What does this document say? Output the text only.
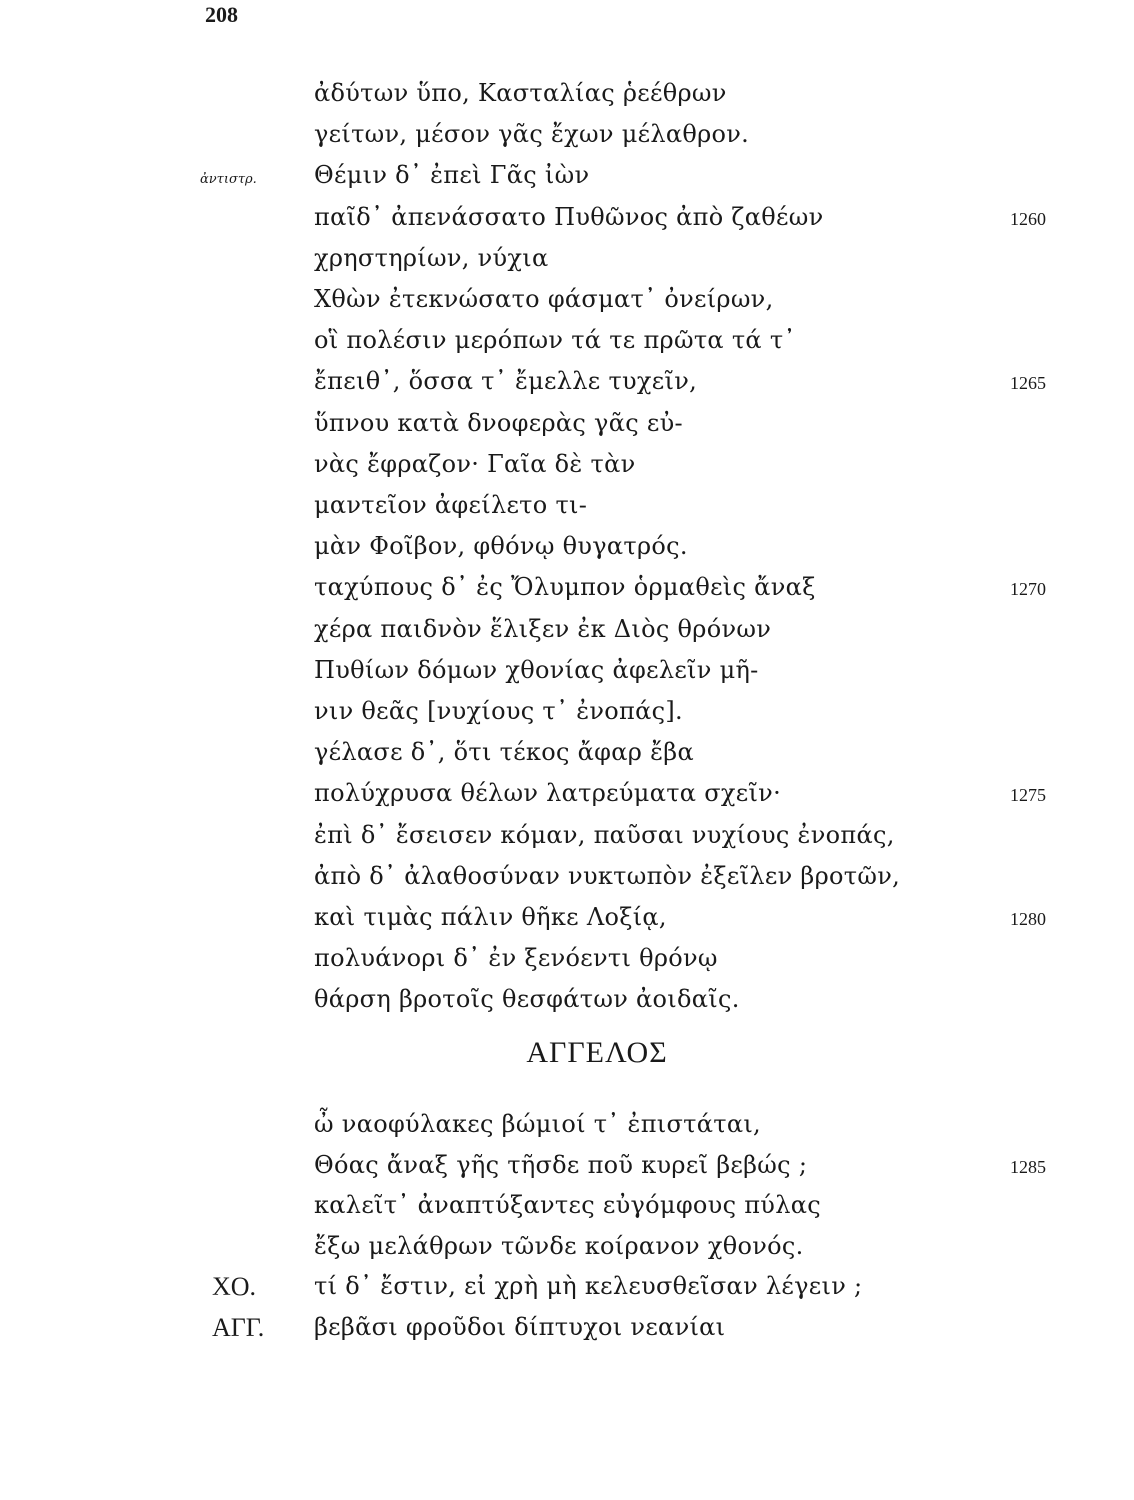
208
ἀδύτων ὕπο, Κασταλίας ῥεέθρων
γείτων, μέσον γᾶς ἔχων μέλαθρον.
ἀντιστρ. Θέμιν δ᾽ ἐπεὶ Γᾶς ἰὼν
παῖδ᾽ ἀπενάσσατο Πυθῶνος ἀπὸ ζαθέων	1260
χρηστηρίων, νύχια
Χθὼν ἐτεκνώσατο φάσματ᾽ ὀνείρων,
οἳ πολέσιν μερόπων τά τε πρῶτα τά τ᾽
ἔπειθ᾽, ὅσσα τ᾽ ἔμελλε τυχεῖν,	1265
ὕπνου κατὰ δνοφερὰς γᾶς εὐ-
νὰς ἔφραζον· Γαῖα δὲ τὰν
μαντεῖον ἀφείλετο τι-
μὰν Φοῖβον, φθόνῳ θυγατρός.
ταχύπους δ᾽ ἐς Ὄλυμπον ὁρμαθεὶς ἄναξ	1270
χέρα παιδνὸν ἕλιξεν ἐκ Διὸς θρόνων
Πυθίων δόμων χθονίας ἀφελεῖν μῆ-
νιν θεᾶς [νυχίους τ᾽ ἐνοπάς].
γέλασε δ᾽, ὅτι τέκος ἄφαρ ἔβα
πολύχρυσα θέλων λατρεύματα σχεῖν·	1275
ἐπὶ δ᾽ ἔσεισεν κόμαν, παῦσαι νυχίους ἐνοπάς,
ἀπὸ δ᾽ ἀλαθοσύναν νυκτωπὸν ἐξεῖλεν βροτῶν,
καὶ τιμὰς πάλιν θῆκε Λοξίᾳ,	1280
πολυάνορι δ᾽ ἐν ξενόεντι θρόνῳ
θάρση βροτοῖς θεσφάτων ἀοιδαῖς.
ΑΓΓΕΛΟΣ
ὦ ναοφύλακες βώμιοί τ᾽ ἐπιστάται,
Θόας ἄναξ γῆς τῆσδε ποῦ κυρεῖ βεβώς ;	1285
καλεῖτ᾽ ἀναπτύξαντες εὐγόμφους πύλας
ἔξω μελάθρων τῶνδε κοίρανον χθονός.
ΧΟ. τί δ᾽ ἔστιν, εἰ χρὴ μὴ κελευσθεῖσαν λέγειν ;
ΑΓΓ. βεβᾶσι φροῦδοι δίπτυχοι νεανίαι
